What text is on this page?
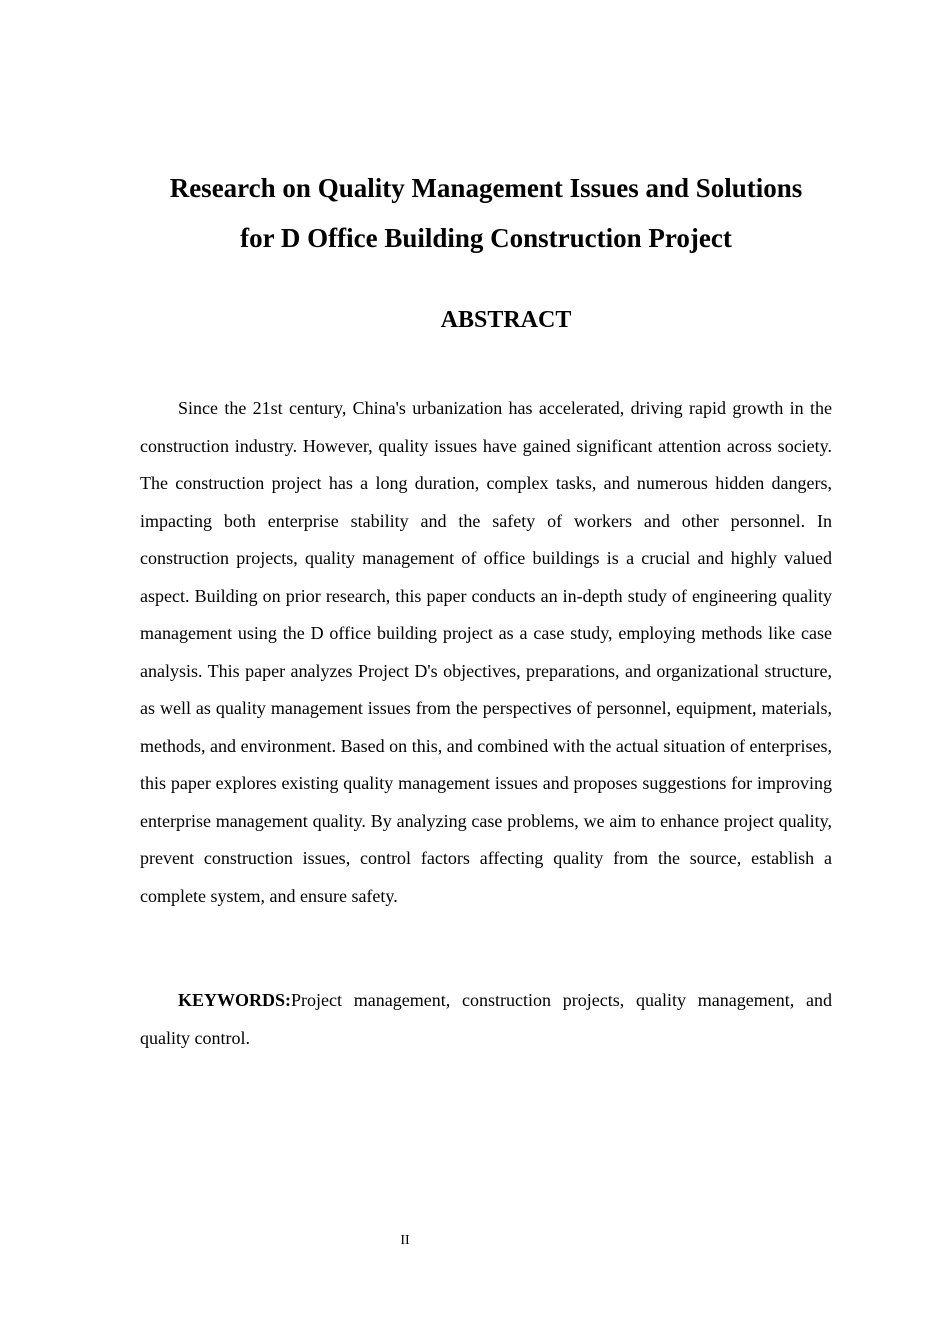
Research on Quality Management Issues and Solutions
for D Office Building Construction Project
ABSTRACT

Since the 21st century, China's urbanization has accelerated, driving rapid growth in the construction industry. However, quality issues have gained significant attention across society. The construction project has a long duration, complex tasks, and numerous hidden dangers, impacting both enterprise stability and the safety of workers and other personnel. In construction projects, quality management of office buildings is a crucial and highly valued aspect. Building on prior research, this paper conducts an in-depth study of engineering quality management using the D office building project as a case study, employing methods like case analysis. This paper analyzes Project D's objectives, preparations, and organizational structure, as well as quality management issues from the perspectives of personnel, equipment, materials, methods, and environment. Based on this, and combined with the actual situation of enterprises, this paper explores existing quality management issues and proposes suggestions for improving enterprise management quality. By analyzing case problems, we aim to enhance project quality, prevent construction issues, control factors affecting quality from the source, establish a complete system, and ensure safety.

KEYWORDS:Project management, construction projects, quality management, and quality control.

II
